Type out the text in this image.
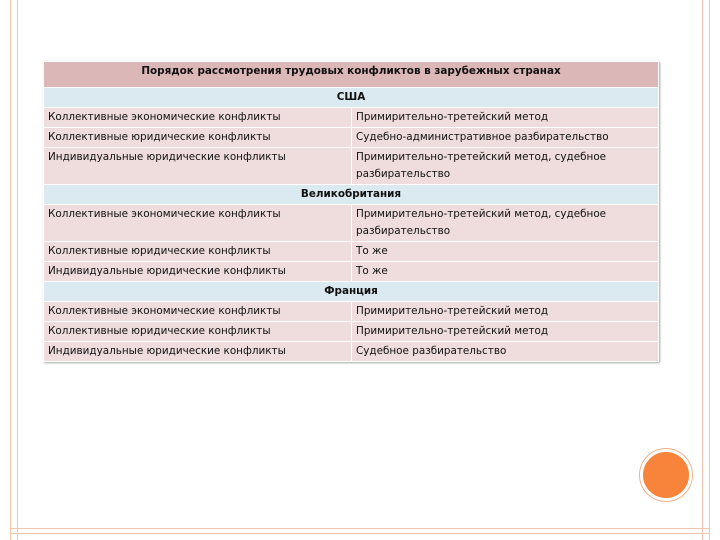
Порядок рассмотрения трудовых конфликтов в зарубежных странах	
США	
Коллективные экономические конфликты	Примирительно-третейский метод
Коллективные юридические конфликты	Судебно-административное разбирательство
Индивидуальные юридические конфликты	Примирительно-третейский метод, судебное разбирательство
Великобритания	
Коллективные экономические конфликты	Примирительно-третейский метод, судебное разбирательство
Коллективные юридические конфликты	То же
Индивидуальные юридические конфликты	То же
Франция	
Коллективные экономические конфликты	Примирительно-третейский метод
Коллективные юридические конфликты	Примирительно-третейский метод
Индивидуальные юридические конфликты	Судебное разбирательство
